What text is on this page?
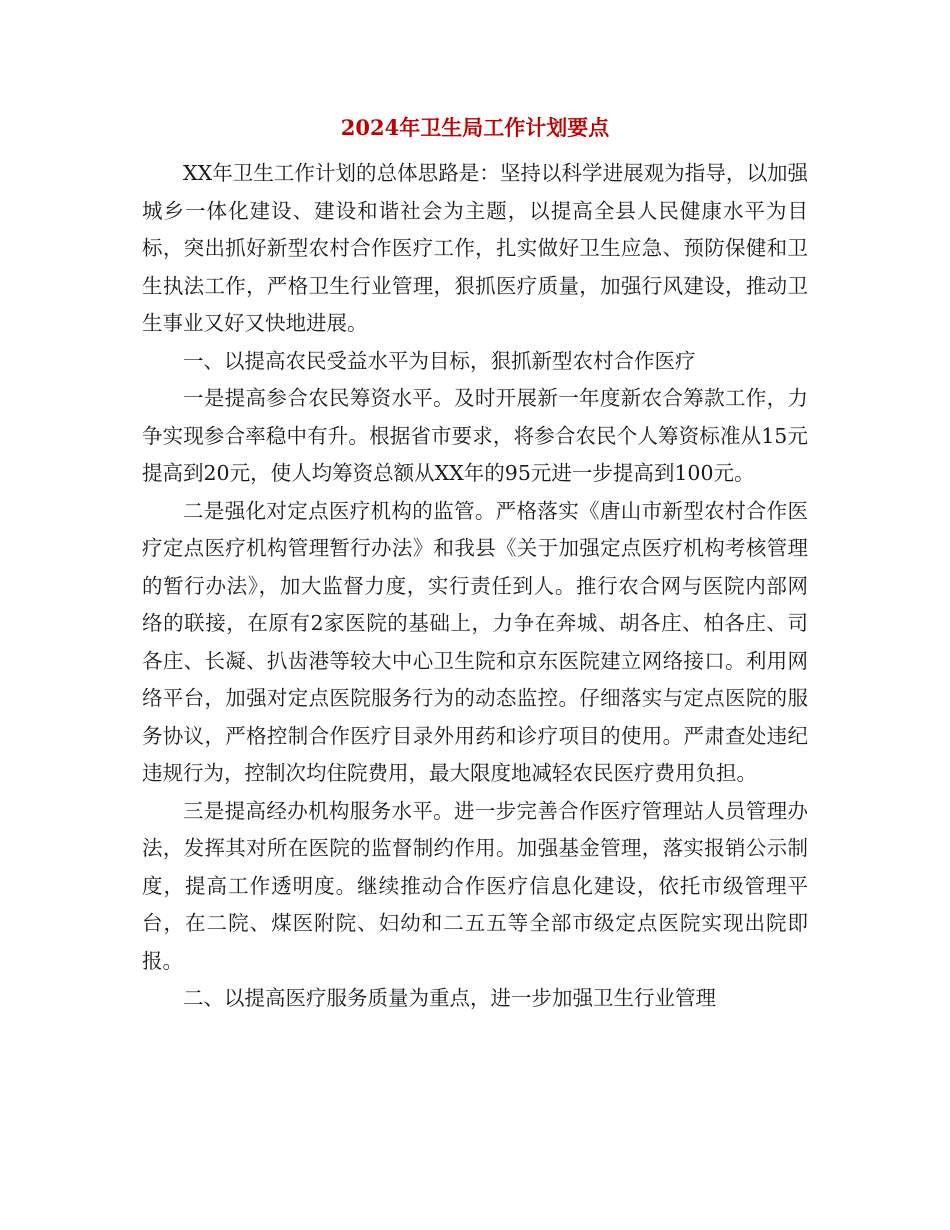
2024年卫生局工作计划要点

XX年卫生工作计划的总体思路是：坚持以科学进展观为指导，以加强城乡一体化建设、建设和谐社会为主题，以提高全县人民健康水平为目标，突出抓好新型农村合作医疗工作，扎实做好卫生应急、预防保健和卫生执法工作，严格卫生行业管理，狠抓医疗质量，加强行风建设，推动卫生事业又好又快地进展。

一、以提高农民受益水平为目标，狠抓新型农村合作医疗

一是提高参合农民筹资水平。及时开展新一年度新农合筹款工作，力争实现参合率稳中有升。根据省市要求，将参合农民个人筹资标准从15元提高到20元，使人均筹资总额从XX年的95元进一步提高到100元。

二是强化对定点医疗机构的监管。严格落实《唐山市新型农村合作医疗定点医疗机构管理暂行办法》和我县《关于加强定点医疗机构考核管理的暂行办法》，加大监督力度，实行责任到人。推行农合网与医院内部网络的联接，在原有2家医院的基础上，力争在奔城、胡各庄、柏各庄、司各庄、长凝、扒齿港等较大中心卫生院和京东医院建立网络接口。利用网络平台，加强对定点医院服务行为的动态监控。仔细落实与定点医院的服务协议，严格控制合作医疗目录外用药和诊疗项目的使用。严肃查处违纪违规行为，控制次均住院费用，最大限度地减轻农民医疗费用负担。

三是提高经办机构服务水平。进一步完善合作医疗管理站人员管理办法，发挥其对所在医院的监督制约作用。加强基金管理，落实报销公示制度，提高工作透明度。继续推动合作医疗信息化建设，依托市级管理平台，在二院、煤医附院、妇幼和二五五等全部市级定点医院实现出院即报。

二、以提高医疗服务质量为重点，进一步加强卫生行业管理
